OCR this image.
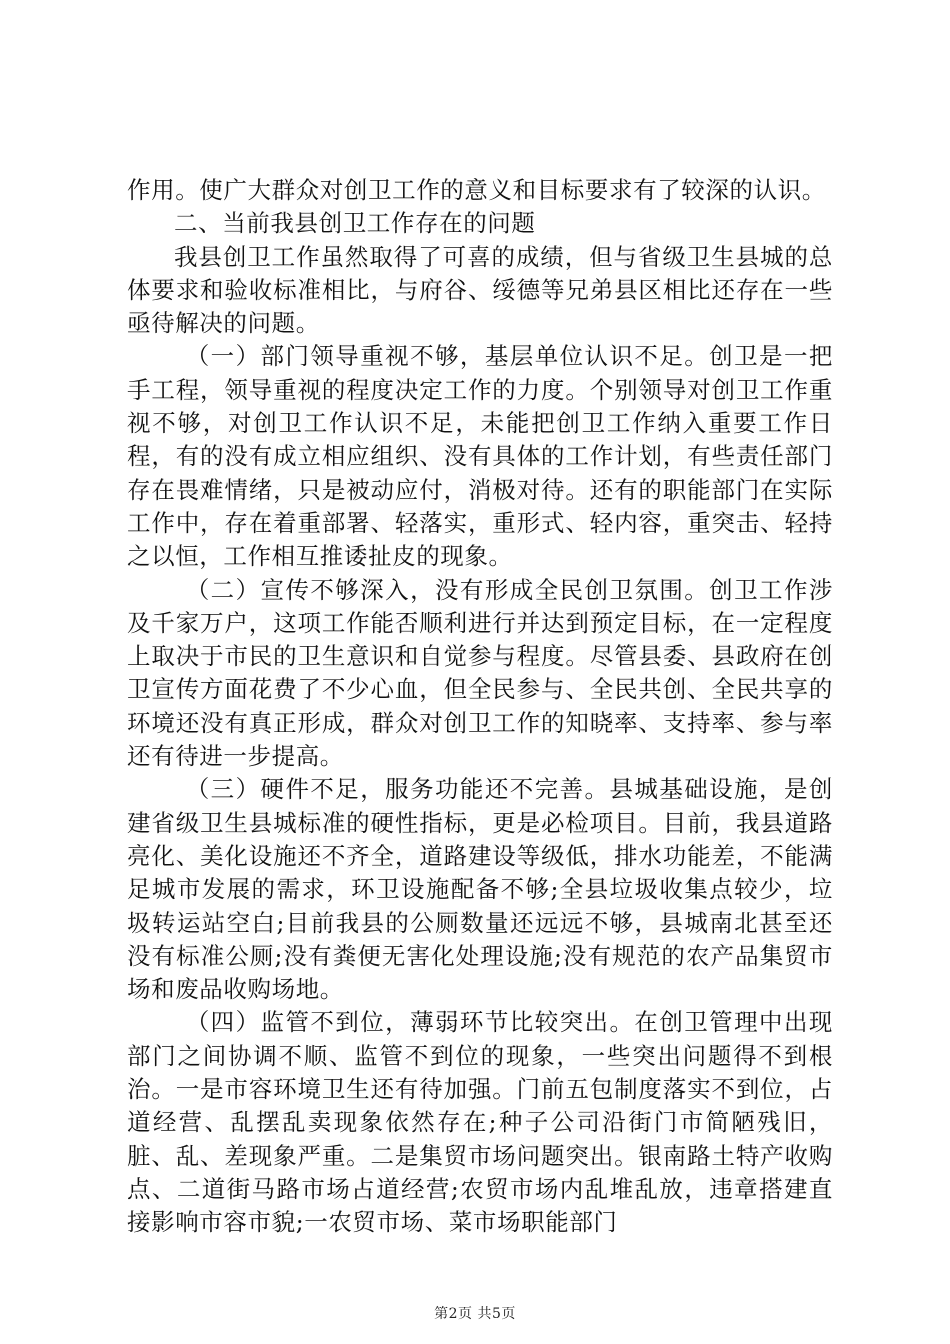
作用。使广大群众对创卫工作的意义和目标要求有了较深的认识。

二、当前我县创卫工作存在的问题

我县创卫工作虽然取得了可喜的成绩，但与省级卫生县城的总体要求和验收标准相比，与府谷、绥德等兄弟县区相比还存在一些亟待解决的问题。

（一）部门领导重视不够，基层单位认识不足。创卫是一把手工程，领导重视的程度决定工作的力度。个别领导对创卫工作重视不够，对创卫工作认识不足，未能把创卫工作纳入重要工作日程，有的没有成立相应组织、没有具体的工作计划，有些责任部门存在畏难情绪，只是被动应付，消极对待。还有的职能部门在实际工作中，存在着重部署、轻落实，重形式、轻内容，重突击、轻持之以恒，工作相互推诿扯皮的现象。

（二）宣传不够深入，没有形成全民创卫氛围。创卫工作涉及千家万户，这项工作能否顺利进行并达到预定目标，在一定程度上取决于市民的卫生意识和自觉参与程度。尽管县委、县政府在创卫宣传方面花费了不少心血，但全民参与、全民共创、全民共享的环境还没有真正形成，群众对创卫工作的知晓率、支持率、参与率还有待进一步提高。

（三）硬件不足，服务功能还不完善。县城基础设施，是创建省级卫生县城标准的硬性指标，更是必检项目。目前，我县道路亮化、美化设施还不齐全，道路建设等级低，排水功能差，不能满足城市发展的需求，环卫设施配备不够;全县垃圾收集点较少，垃圾转运站空白;目前我县的公厕数量还远远不够，县城南北甚至还没有标准公厕;没有粪便无害化处理设施;没有规范的农产品集贸市场和废品收购场地。

（四）监管不到位，薄弱环节比较突出。在创卫管理中出现部门之间协调不顺、监管不到位的现象，一些突出问题得不到根治。一是市容环境卫生还有待加强。门前五包制度落实不到位，占道经营、乱摆乱卖现象依然存在;种子公司沿街门市简陋残旧，脏、乱、差现象严重。二是集贸市场问题突出。银南路土特产收购点、二道街马路市场占道经营;农贸市场内乱堆乱放，违章搭建直接影响市容市貌;一农贸市场、菜市场职能部门

第2页 共5页
